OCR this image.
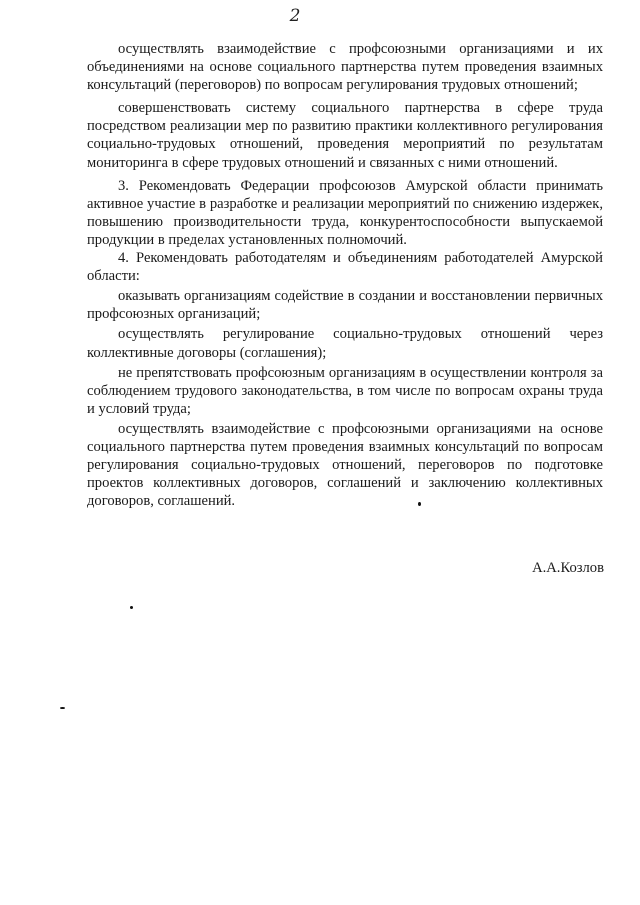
2

осуществлять взаимодействие с профсоюзными организациями и их объединениями на основе социального партнерства путем проведения взаимных консультаций (переговоров) по вопросам регулирования трудовых отношений;

совершенствовать систему социального партнерства в сфере труда посредством реализации мер по развитию практики коллективного регулирования социально-трудовых отношений, проведения мероприятий по результатам мониторинга в сфере трудовых отношений и связанных с ними отношений.

3. Рекомендовать Федерации профсоюзов Амурской области принимать активное участие в разработке и реализации мероприятий по снижению издержек, повышению производительности труда, конкурентоспособности выпускаемой продукции в пределах установленных полномочий.

4. Рекомендовать работодателям и объединениям работодателей Амурской области:

оказывать организациям содействие в создании и восстановлении первичных профсоюзных организаций;

осуществлять регулирование социально-трудовых отношений через коллективные договоры (соглашения);

не препятствовать профсоюзным организациям в осуществлении контроля за соблюдением трудового законодательства, в том числе по вопросам охраны труда и условий труда;

осуществлять взаимодействие с профсоюзными организациями на основе социального партнерства путем проведения взаимных консультаций по вопросам регулирования социально-трудовых отношений, переговоров по подготовке проектов коллективных договоров, соглашений и заключению коллективных договоров, соглашений.

А.А.Козлов
